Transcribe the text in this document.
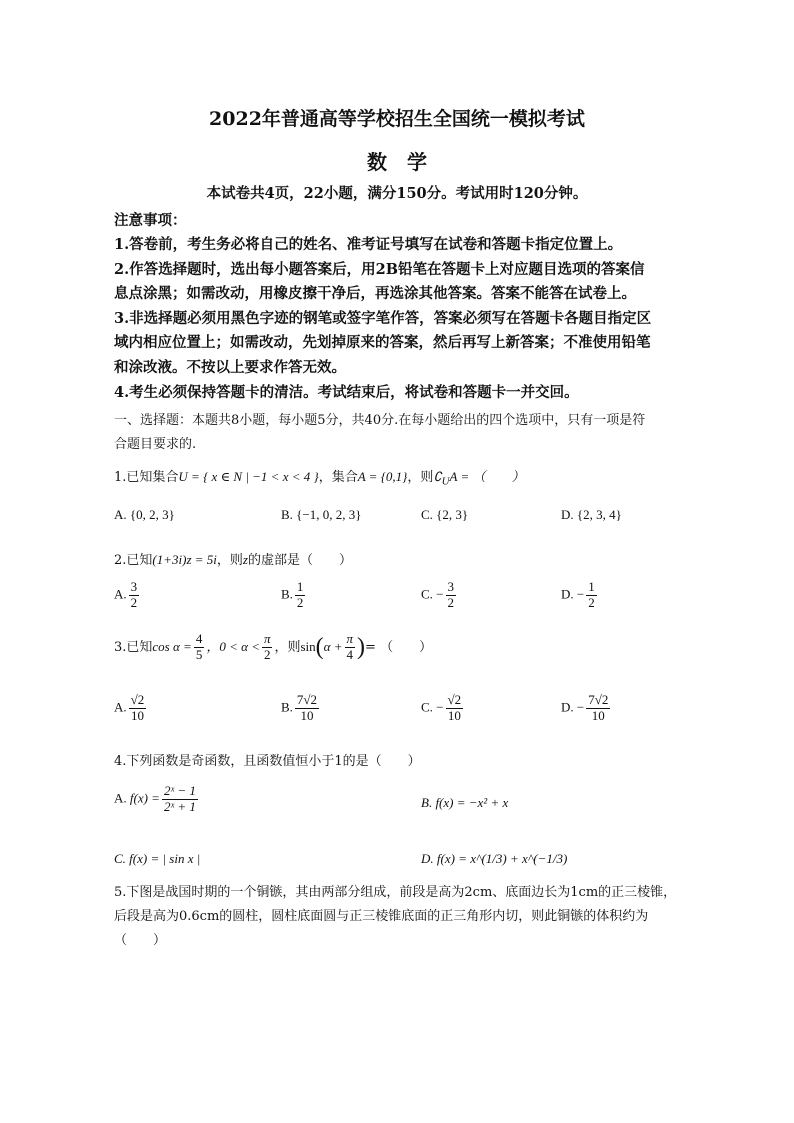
2022年普通高等学校招生全国统一模拟考试
数　学
本试卷共4页，22小题，满分150分。考试用时120分钟。
注意事项：
1.答卷前，考生务必将自己的姓名、准考证号填写在试卷和答题卡指定位置上。
2.作答选择题时，选出每小题答案后，用2B铅笔在答题卡上对应题目选项的答案信
息点涂黑；如需改动，用橡皮擦干净后，再选涂其他答案。答案不能答在试卷上。
3.非选择题必须用黑色字迹的钢笔或签字笔作答，答案必须写在答题卡各题目指定区
域内相应位置上；如需改动，先划掉原来的答案，然后再写上新答案；不准使用铅笔
和涂改液。不按以上要求作答无效。
4.考生必须保持答题卡的清洁。考试结束后，将试卷和答题卡一并交回。
一、选择题：本题共8小题，每小题5分，共40分.在每小题给出的四个选项中，只有一项是符
合题目要求的.
1.已知集合U = { x ∈ N | −1 < x < 4 }，集合A = {0,1}，则$∁_UA$ = （　　）
A. {0, 2, 3}	B. {−1, 0, 2, 3}	C. {2, 3}	D. {2, 3, 4}
2.已知(1+3i)z = 5i，则z的虚部是（　　）
A. $\frac{3}{2}$	B. $\frac{1}{2}$	C. − $\frac{3}{2}$	D. − $\frac{1}{2}$
3.已知$\cos \alpha = \frac{4}{5}$ ，$0 < \alpha < \frac{\pi}{2}$ ，则$\sin(\alpha + \frac{\pi}{4}$ )= （　　）
A. $\frac{√2}{10}$	B. $\frac{7√2}{10}$	C. − $\frac{√2}{10}$	D. − $\frac{7√2}{10}$
4.下列函数是奇函数，且函数值恒小于1的是（　　）
A. $f(x) = \frac{\text{2ˣ − 1}}{\text{2ˣ + 1}}$	B. f(x) = −x² + x
C. f(x) = | sin x |	D. f(x) = x^(1/3) + x^(−1/3)
5.下图是战国时期的一个铜镞，其由两部分组成，前段是高为2cm、底面边长为1cm的正三棱锥，
后段是高为0.6cm的圆柱，圆柱底面圆与正三棱锥底面的正三角形内切，则此铜镞的体积约为
（　　）
